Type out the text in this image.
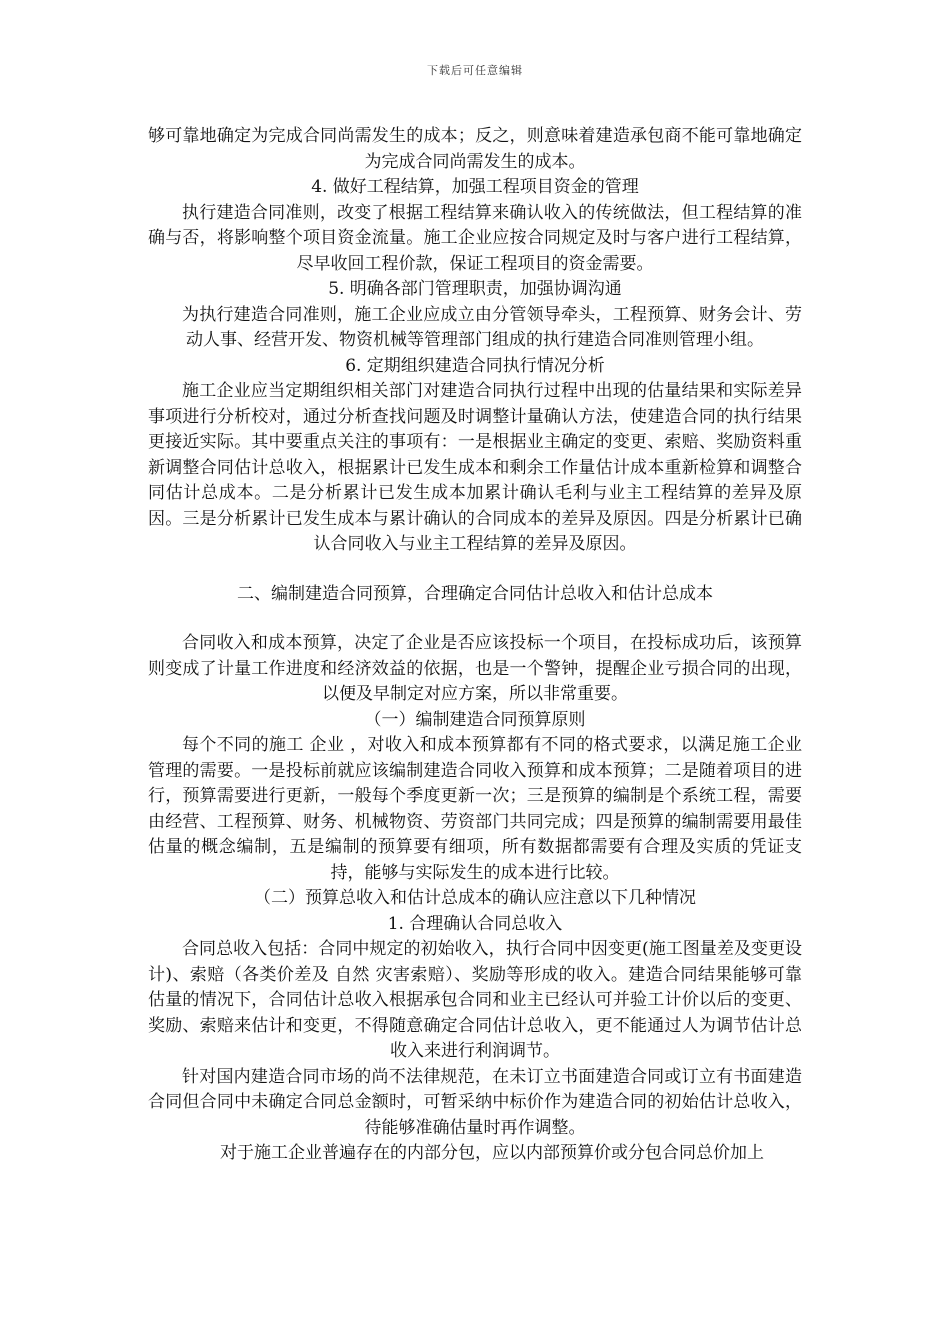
下载后可任意编辑

够可靠地确定为完成合同尚需发生的成本；反之，则意味着建造承包商不能可靠地确定为完成合同尚需发生的成本。

4. 做好工程结算，加强工程项目资金的管理

执行建造合同准则，改变了根据工程结算来确认收入的传统做法，但工程结算的准确与否，将影响整个项目资金流量。施工企业应按合同规定及时与客户进行工程结算，尽早收回工程价款，保证工程项目的资金需要。

5. 明确各部门管理职责，加强协调沟通

为执行建造合同准则，施工企业应成立由分管领导牵头，工程预算、财务会计、劳动人事、经营开发、物资机械等管理部门组成的执行建造合同准则管理小组。

6. 定期组织建造合同执行情况分析

施工企业应当定期组织相关部门对建造合同执行过程中出现的估量结果和实际差异事项进行分析校对，通过分析查找问题及时调整计量确认方法，使建造合同的执行结果更接近实际。其中要重点关注的事项有：一是根据业主确定的变更、索赔、奖励资料重新调整合同估计总收入，根据累计已发生成本和剩余工作量估计成本重新检算和调整合同估计总成本。二是分析累计已发生成本加累计确认毛利与业主工程结算的差异及原因。三是分析累计已发生成本与累计确认的合同成本的差异及原因。四是分析累计已确认合同收入与业主工程结算的差异及原因。

二、编制建造合同预算，合理确定合同估计总收入和估计总成本

合同收入和成本预算，决定了企业是否应该投标一个项目，在投标成功后，该预算则变成了计量工作进度和经济效益的依据，也是一个警钟，提醒企业亏损合同的出现，以便及早制定对应方案，所以非常重要。

（一）编制建造合同预算原则

每个不同的施工 企业 ，对收入和成本预算都有不同的格式要求，以满足施工企业管理的需要。一是投标前就应该编制建造合同收入预算和成本预算；二是随着项目的进行，预算需要进行更新，一般每个季度更新一次；三是预算的编制是个系统工程，需要由经营、工程预算、财务、机械物资、劳资部门共同完成；四是预算的编制需要用最佳估量的概念编制，五是编制的预算要有细项，所有数据都需要有合理及实质的凭证支持，能够与实际发生的成本进行比较。

（二）预算总收入和估计总成本的确认应注意以下几种情况

1. 合理确认合同总收入

合同总收入包括：合同中规定的初始收入，执行合同中因变更(施工图量差及变更设计)、索赔（各类价差及 自然 灾害索赔）、奖励等形成的收入。建造合同结果能够可靠估量的情况下，合同估计总收入根据承包合同和业主已经认可并验工计价以后的变更、奖励、索赔来估计和变更，不得随意确定合同估计总收入，更不能通过人为调节估计总收入来进行利润调节。

针对国内建造合同市场的尚不法律规范，在未订立书面建造合同或订立有书面建造合同但合同中未确定合同总金额时，可暂采纳中标价作为建造合同的初始估计总收入，待能够准确估量时再作调整。

对于施工企业普遍存在的内部分包，应以内部预算价或分包合同总价加上
